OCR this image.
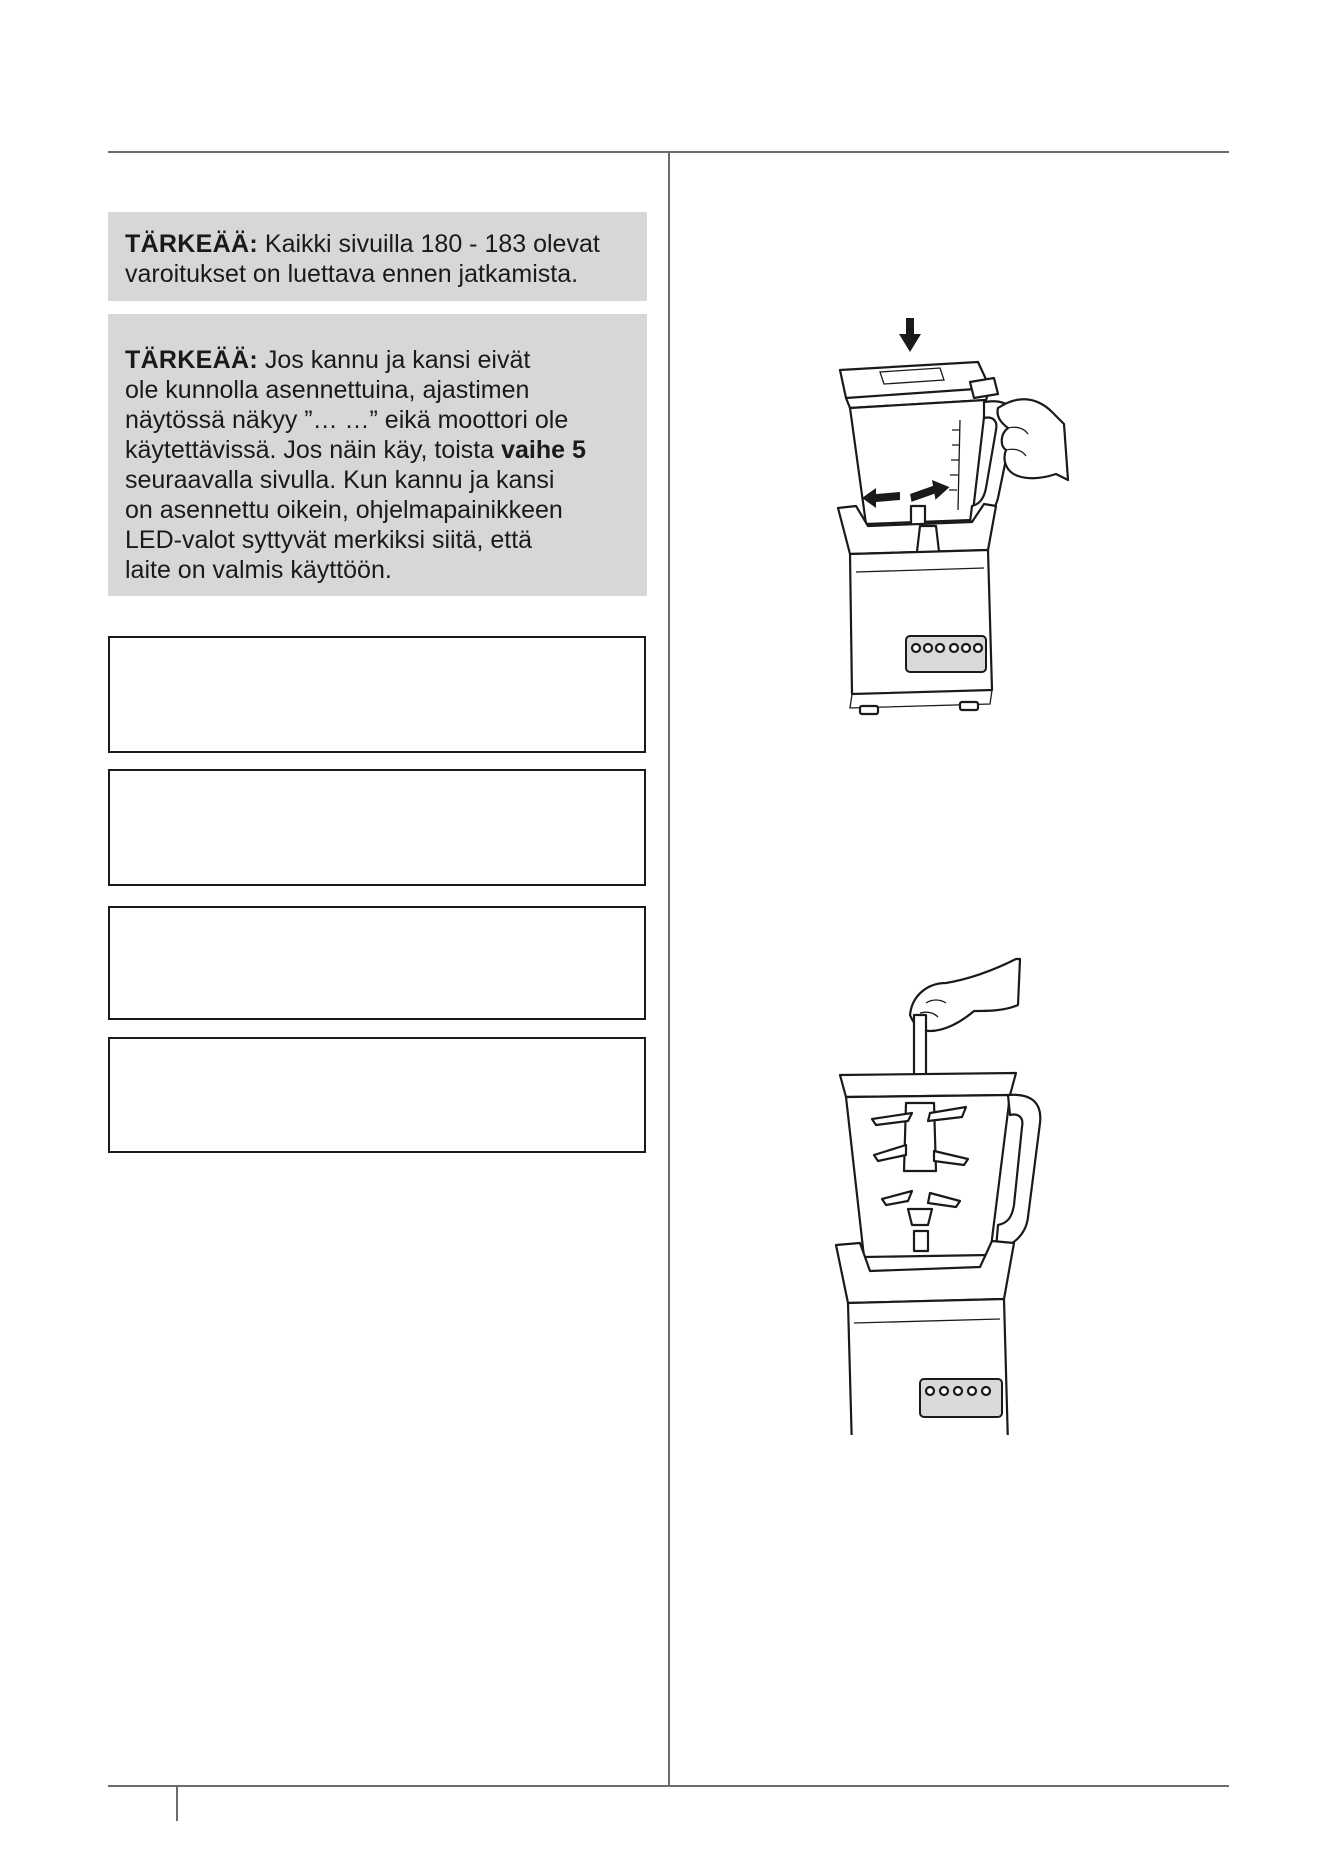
TÄRKEÄÄ: Kaikki sivuilla 180 - 183 olevat
varoitukset on luettava ennen jatkamista.
TÄRKEÄÄ: Jos kannu ja kansi eivät
ole kunnolla asennettuina, ajastimen
näytössä näkyy ”… …” eikä moottori ole
käytettävissä. Jos näin käy, toista vaihe 5
seuraavalla sivulla. Kun kannu ja kansi
on asennettu oikein, ohjelmapainikkeen
LED-valot syttyvät merkiksi siitä, että
laite on valmis käyttöön.
